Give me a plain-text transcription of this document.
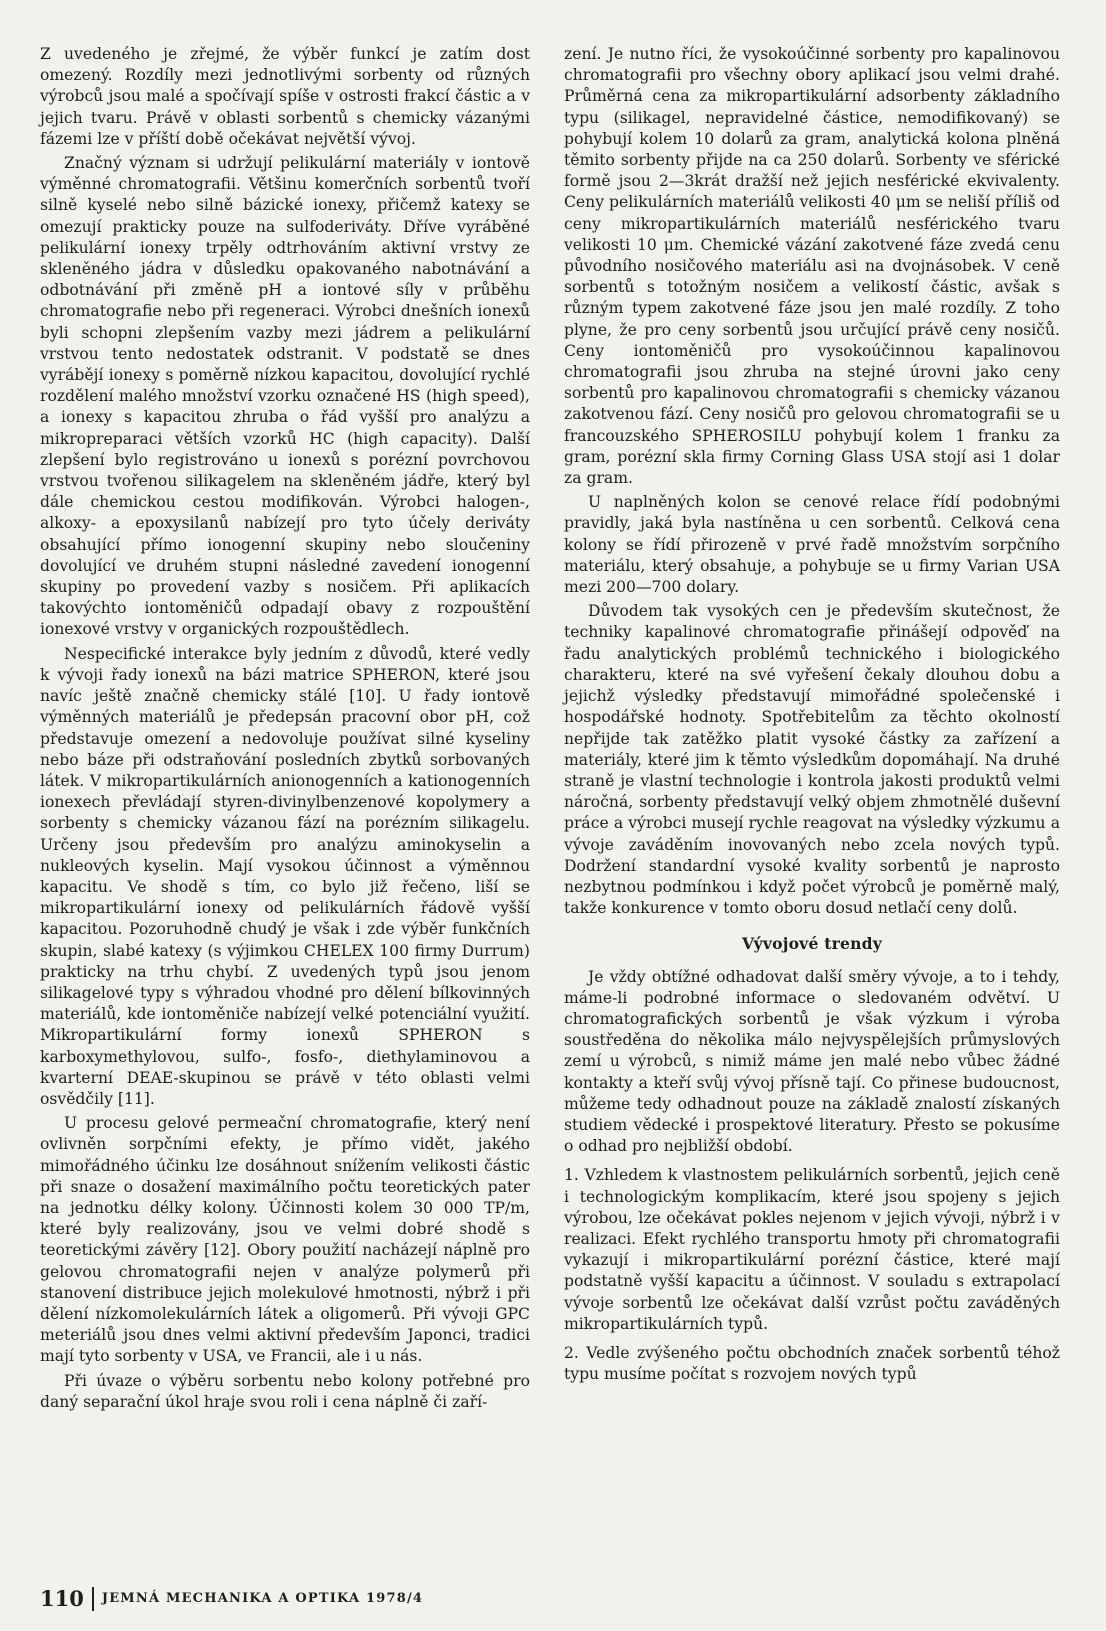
Z uvedeného je zřejmé, že výběr funkcí je zatím dost omezený. Rozdíly mezi jednotlivými sorbenty od různých výrobců jsou malé a spočívají spíše v ostrosti frakcí částic a v jejich tvaru. Právě v oblasti sorbentů s chemicky vázanými fázemi lze v příští době očekávat největší vývoj.

Značný význam si udržují pelikulární materiály v iontově výměnné chromatografii. Většinu komerčních sorbentů tvoří silně kyselé nebo silně bázické ionexy, přičemž katexy se omezují prakticky pouze na sulfoderiváty. Dříve vyráběné pelikulární ionexy trpěly odtrhováním aktivní vrstvy ze skleněného jádra v důsledku opakovaného nabotnávání a odbotnávání při změně pH a iontové síly v průběhu chromatografie nebo při regeneraci. Výrobci dnešních ionexů byli schopni zlepšením vazby mezi jádrem a pelikulární vrstvou tento nedostatek odstranit. V podstatě se dnes vyrábějí ionexy s poměrně nízkou kapacitou, dovolující rychlé rozdělení malého množství vzorku označené HS (high speed), a ionexy s kapacitou zhruba o řád vyšší pro analýzu a mikropreparaci větších vzorků HC (high capacity). Další zlepšení bylo registrováno u ionexů s porézní povrchovou vrstvou tvořenou silikagelem na skleněném jádře, který byl dále chemickou cestou modifikován. Výrobci halogen-, alkoxy- a epoxysilanů nabízejí pro tyto účely deriváty obsahující přímo ionogenní skupiny nebo sloučeniny dovolující ve druhém stupni následné zavedení ionogenní skupiny po provedení vazby s nosičem. Při aplikacích takovýchto iontoměničů odpadají obavy z rozpouštění ionexové vrstvy v organických rozpouštědlech.

Nespecifické interakce byly jedním z důvodů, které vedly k vývoji řady ionexů na bázi matrice SPHERON, které jsou navíc ještě značně chemicky stálé [10]. U řady iontově výměnných materiálů je předepsán pracovní obor pH, což představuje omezení a nedovoluje používat silné kyseliny nebo báze při odstraňování posledních zbytků sorbovaných látek. V mikropartikulárních anionogenních a kationogenních ionexech převládají styren-divinylbenzenové kopolymery a sorbenty s chemicky vázanou fází na porézním silikagelu. Určeny jsou především pro analýzu aminokyselin a nukleových kyselin. Mají vysokou účinnost a výměnnou kapacitu. Ve shodě s tím, co bylo již řečeno, liší se mikropartikulární ionexy od pelikulárních řádově vyšší kapacitou. Pozoruhodně chudý je však i zde výběr funkčních skupin, slabé katexy (s výjimkou CHELEX 100 firmy Durrum) prakticky na trhu chybí. Z uvedených typů jsou jenom silikagelové typy s výhradou vhodné pro dělení bílkovinných materiálů, kde iontoměniče nabízejí velké potenciální využití. Mikropartikulární formy ionexů SPHERON s karboxymethylovou, sulfo-, fosfo-, diethylaminovou a kvarterní DEAE-skupinou se právě v této oblasti velmi osvědčily [11].

U procesu gelové permeační chromatografie, který není ovlivněn sorpčními efekty, je přímo vidět, jakého mimořádného účinku lze dosáhnout snížením velikosti částic při snaze o dosažení maximálního počtu teoretických pater na jednotku délky kolony. Účinnosti kolem 30 000 TP/m, které byly realizovány, jsou ve velmi dobré shodě s teoretickými závěry [12]. Obory použití nacházejí náplně pro gelovou chromatografii nejen v analýze polymerů při stanovení distribuce jejich molekulové hmotnosti, nýbrž i při dělení nízkomolekulárních látek a oligomerů. Při vývoji GPC meteriálů jsou dnes velmi aktivní především Japonci, tradici mají tyto sorbenty v USA, ve Francii, ale i u nás.

Při úvaze o výběru sorbentu nebo kolony potřebné pro daný separační úkol hraje svou roli i cena náplně či zaří-

zení. Je nutno říci, že vysokoúčinné sorbenty pro kapalinovou chromatografii pro všechny obory aplikací jsou velmi drahé. Průměrná cena za mikropartikulární adsorbenty základního typu (silikagel, nepravidelné částice, nemodifikovaný) se pohybují kolem 10 dolarů za gram, analytická kolona plněná těmito sorbenty přijde na ca 250 dolarů. Sorbenty ve sférické formě jsou 2—3krát dražší než jejich nesférické ekvivalenty. Ceny pelikulárních materiálů velikosti 40 μm se neliší příliš od ceny mikropartikulárních materiálů nesférického tvaru velikosti 10 μm. Chemické vázání zakotvené fáze zvedá cenu původního nosičového materiálu asi na dvojnásobek. V ceně sorbentů s totožným nosičem a velikostí částic, avšak s různým typem zakotvené fáze jsou jen malé rozdíly. Z toho plyne, že pro ceny sorbentů jsou určující právě ceny nosičů. Ceny iontoměničů pro vysokoúčinnou kapalinovou chromatografii jsou zhruba na stejné úrovni jako ceny sorbentů pro kapalinovou chromatografii s chemicky vázanou zakotvenou fází. Ceny nosičů pro gelovou chromatografii se u francouzského SPHEROSILU pohybují kolem 1 franku za gram, porézní skla firmy Corning Glass USA stojí asi 1 dolar za gram.

U naplněných kolon se cenové relace řídí podobnými pravidly, jaká byla nastíněna u cen sorbentů. Celková cena kolony se řídí přirozeně v prvé řadě množstvím sorpčního materiálu, který obsahuje, a pohybuje se u firmy Varian USA mezi 200—700 dolary.

Důvodem tak vysokých cen je především skutečnost, že techniky kapalinové chromatografie přinášejí odpověď na řadu analytických problémů technického i biologického charakteru, které na své vyřešení čekaly dlouhou dobu a jejichž výsledky představují mimořádné společenské i hospodářské hodnoty. Spotřebitelům za těchto okolností nepřijde tak zatěžko platit vysoké částky za zařízení a materiály, které jim k těmto výsledkům dopomáhají. Na druhé straně je vlastní technologie i kontrola jakosti produktů velmi náročná, sorbenty představují velký objem zhmotnělé duševní práce a výrobci musejí rychle reagovat na výsledky výzkumu a vývoje zaváděním inovovaných nebo zcela nových typů. Dodržení standardní vysoké kvality sorbentů je naprosto nezbytnou podmínkou i když počet výrobců je poměrně malý, takže konkurence v tomto oboru dosud netlačí ceny dolů.

Vývojové trendy

Je vždy obtížné odhadovat další směry vývoje, a to i tehdy, máme-li podrobné informace o sledovaném odvětví. U chromatografických sorbentů je však výzkum i výroba soustředěna do několika málo nejvyspělejších průmyslových zemí u výrobců, s nimiž máme jen malé nebo vůbec žádné kontakty a kteří svůj vývoj přísně tají. Co přinese budoucnost, můžeme tedy odhadnout pouze na základě znalostí získaných studiem vědecké i prospektové literatury. Přesto se pokusíme o odhad pro nejbližší období.

1. Vzhledem k vlastnostem pelikulárních sorbentů, jejich ceně i technologickým komplikacím, které jsou spojeny s jejich výrobou, lze očekávat pokles nejenom v jejich vývoji, nýbrž i v realizaci. Efekt rychlého transportu hmoty při chromatografii vykazují i mikropartikulární porézní částice, které mají podstatně vyšší kapacitu a účinnost. V souladu s extrapolací vývoje sorbentů lze očekávat další vzrůst počtu zaváděných mikropartikulárních typů.

2. Vedle zvýšeného počtu obchodních značek sorbentů téhož typu musíme počítat s rozvojem nových typů

110 JEMNÁ MECHANIKA A OPTIKA 1978/4
